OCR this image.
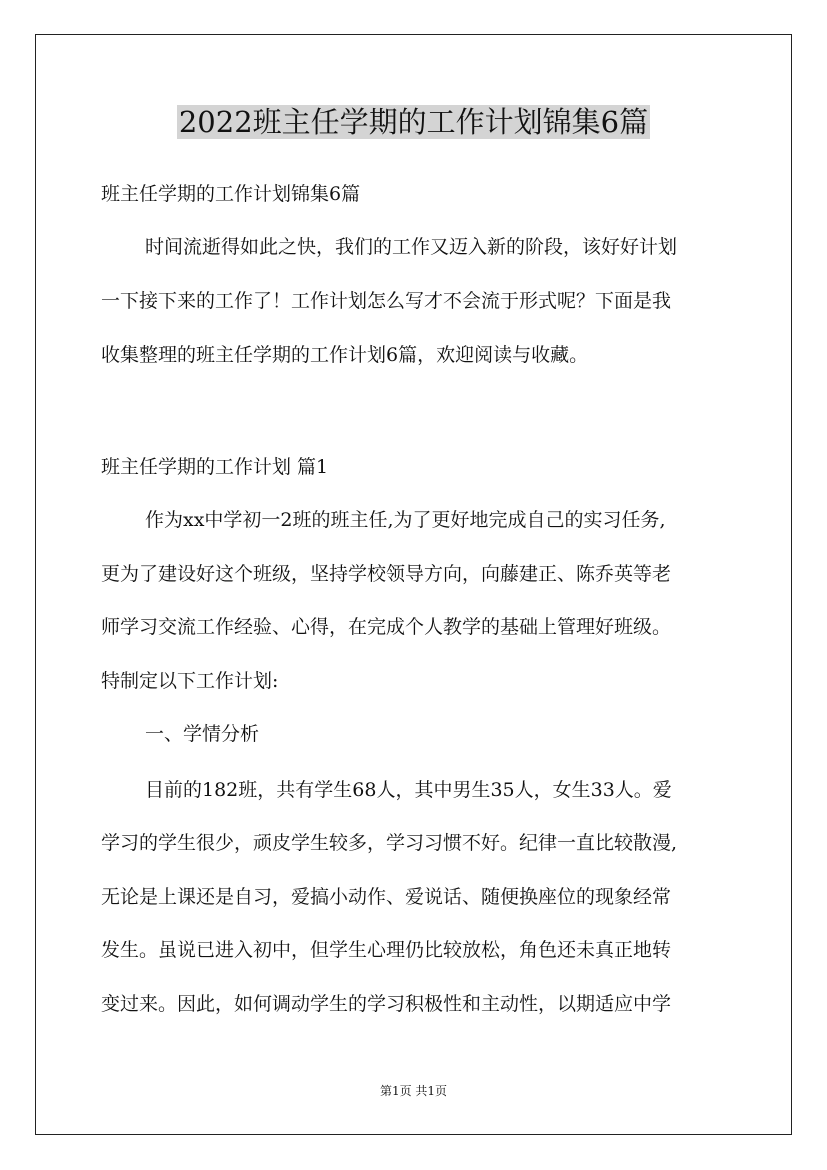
2022班主任学期的工作计划锦集6篇

班主任学期的工作计划锦集6篇

时间流逝得如此之快，我们的工作又迈入新的阶段，该好好计划

一下接下来的工作了！工作计划怎么写才不会流于形式呢？下面是我

收集整理的班主任学期的工作计划6篇，欢迎阅读与收藏。

班主任学期的工作计划 篇1

作为xx中学初一2班的班主任,为了更好地完成自己的实习任务,

更为了建设好这个班级，坚持学校领导方向，向藤建正、陈乔英等老

师学习交流工作经验、心得，在完成个人教学的基础上管理好班级。

特制定以下工作计划:

一、学情分析

目前的182班，共有学生68人，其中男生35人，女生33人。爱

学习的学生很少，顽皮学生较多，学习习惯不好。纪律一直比较散漫,

无论是上课还是自习，爱搞小动作、爱说话、随便换座位的现象经常

发生。虽说已进入初中，但学生心理仍比较放松，角色还未真正地转

变过来。因此，如何调动学生的学习积极性和主动性，以期适应中学

第1页 共1页
